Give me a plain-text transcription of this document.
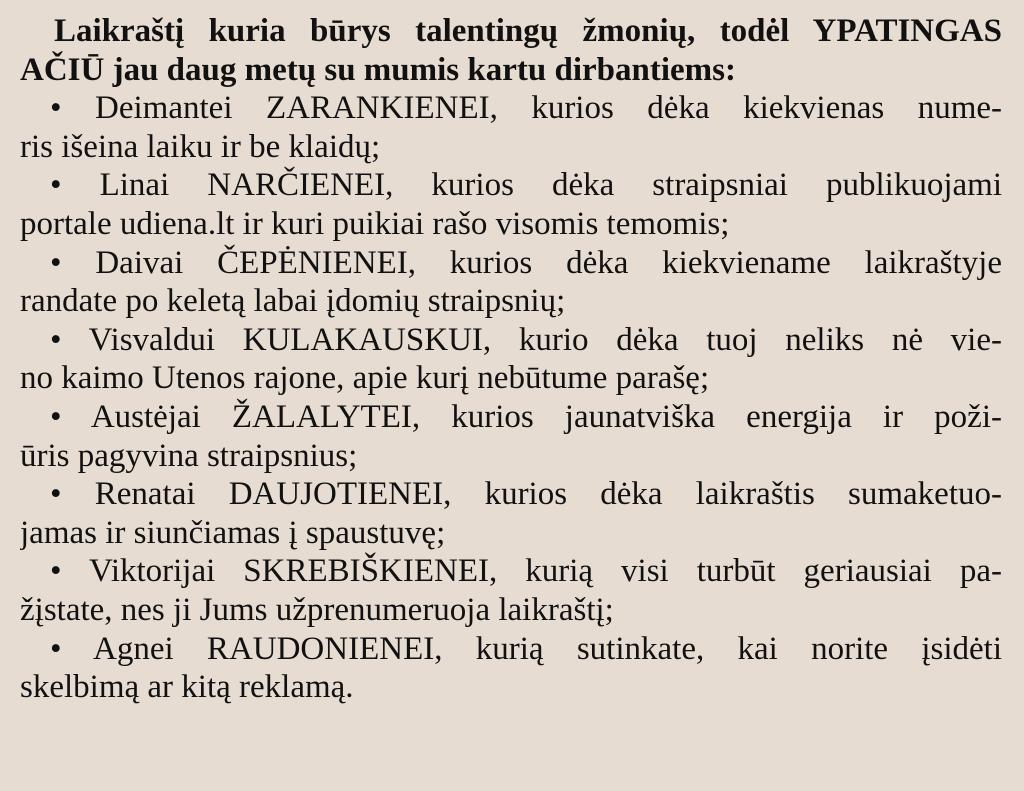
Laikraštį kuria būrys talentingų žmonių, todėl YPATINGAS
AČIŪ jau daug metų su mumis kartu dirbantiems:
• Deimantei ZARANKIENEI, kurios dėka kiekvienas nume-
ris išeina laiku ir be klaidų;
• Linai NARČIENEI, kurios dėka straipsniai publikuojami
portale udiena.lt ir kuri puikiai rašo visomis temomis;
• Daivai ČEPĖNIENEI, kurios dėka kiekviename laikraštyje
randate po keletą labai įdomių straipsnių;
• Visvaldui KULAKAUSKUI, kurio dėka tuoj neliks nė vie-
no kaimo Utenos rajone, apie kurį nebūtume parašę;
• Austėjai ŽALALYTEI, kurios jaunatviška energija ir poži-
ūris pagyvina straipsnius;
• Renatai DAUJOTIENEI, kurios dėka laikraštis sumaketuo-
jamas ir siunčiamas į spaustuvę;
• Viktorijai SKREBIŠKIENEI, kurią visi turbūt geriausiai pa-
žįstate, nes ji Jums užprenumeruoja laikraštį;
• Agnei RAUDONIENEI, kurią sutinkate, kai norite įsidėti
skelbimą ar kitą reklamą.
